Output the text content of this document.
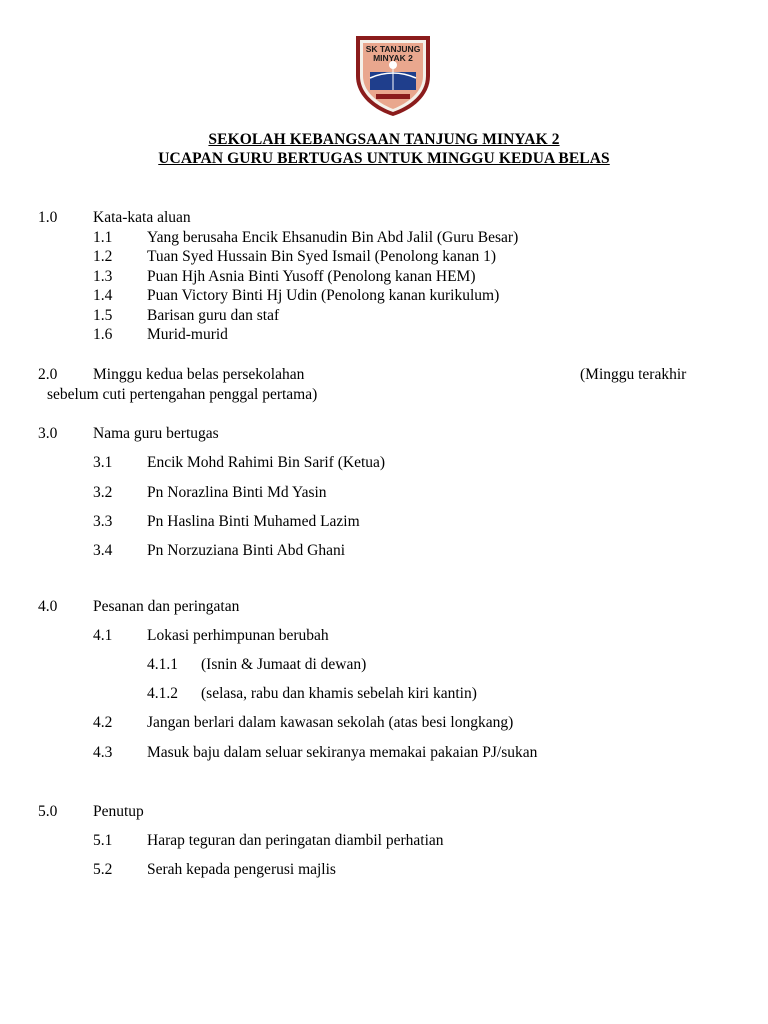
SK TANJUNG
MINYAK 2
SEKOLAH KEBANGSAAN TANJUNG MINYAK 2
UCAPAN GURU BERTUGAS UNTUK MINGGU KEDUA BELAS
1.0 Kata-kata aluan
1.1 Yang berusaha Encik Ehsanudin Bin Abd Jalil (Guru Besar)
1.2 Tuan Syed Hussain Bin Syed Ismail (Penolong kanan 1)
1.3 Puan Hjh Asnia Binti Yusoff (Penolong kanan HEM)
1.4 Puan Victory Binti Hj Udin (Penolong kanan kurikulum)
1.5 Barisan guru dan staf
1.6 Murid-murid
2.0 Minggu kedua belas persekolahan	(Minggu terakhir
sebelum cuti pertengahan penggal pertama)
3.0 Nama guru bertugas
3.1 Encik Mohd Rahimi Bin Sarif (Ketua)
3.2 Pn Norazlina Binti Md Yasin
3.3 Pn Haslina Binti Muhamed Lazim
3.4 Pn Norzuziana Binti Abd Ghani
4.0 Pesanan dan peringatan
4.1 Lokasi perhimpunan berubah
4.1.1 (Isnin & Jumaat di dewan)
4.1.2 (selasa, rabu dan khamis sebelah kiri kantin)
4.2 Jangan berlari dalam kawasan sekolah (atas besi longkang)
4.3 Masuk baju dalam seluar sekiranya memakai pakaian PJ/sukan
5.0 Penutup
5.1 Harap teguran dan peringatan diambil perhatian
5.2 Serah kepada pengerusi majlis
